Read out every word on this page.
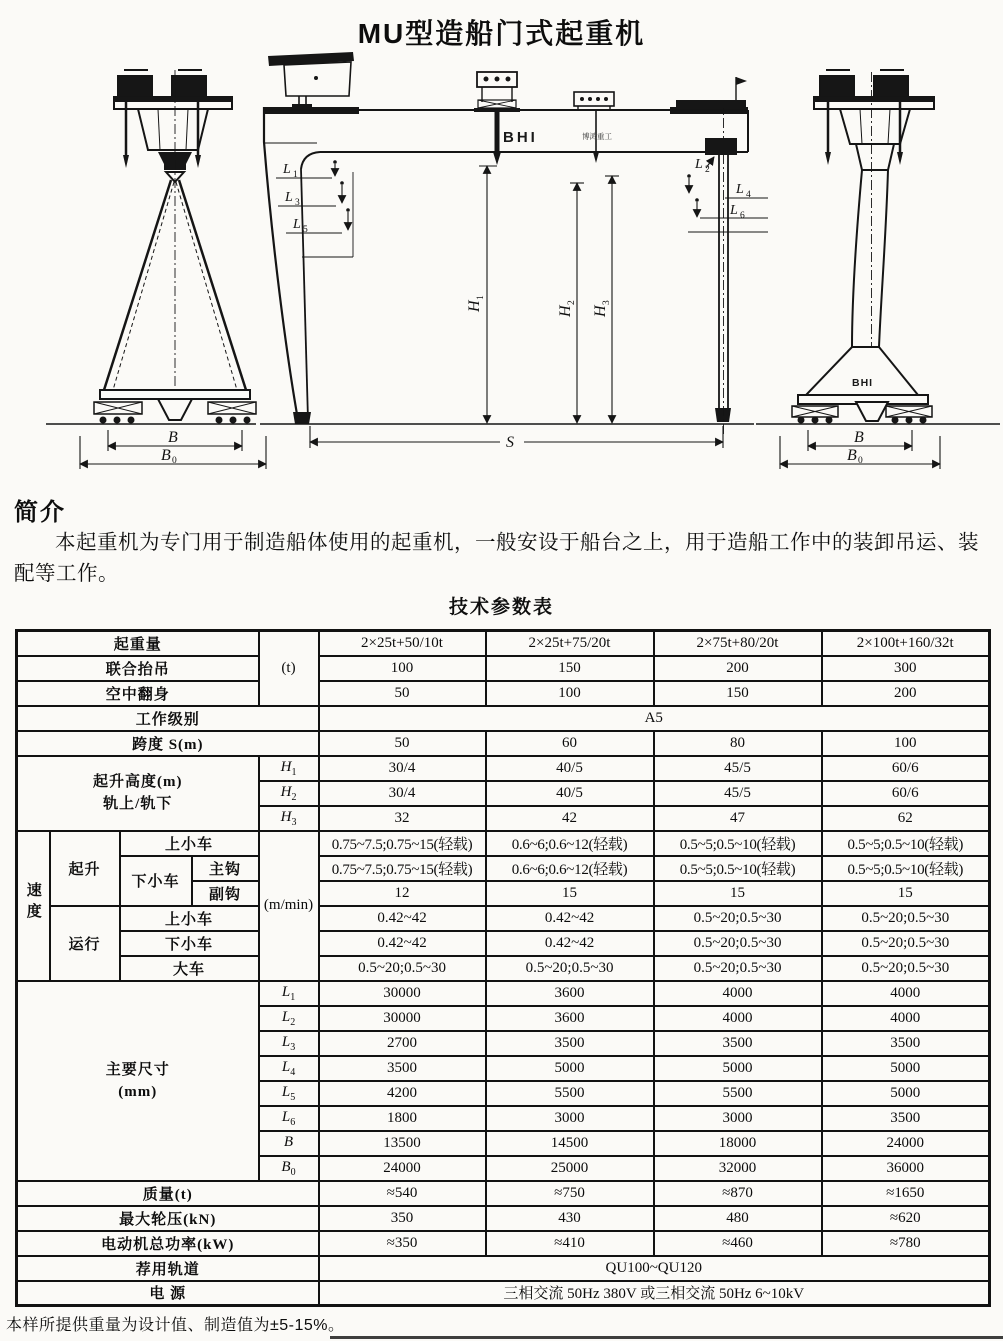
MU型造船门式起重机
B
B 0
H
1
H
2
H
3
S
L 1
L 3
L 5
L 2
L 4
L 6
BHI	博鸿重工
BHI
B
B 0
简介
本起重机为专门用于制造船体使用的起重机，一般安设于船台之上，用于造船工作中的装卸吊运、装配等工作。
技术参数表
起重量				(t)	2×25t+50/10t	2×25t+75/20t	2×75t+80/20t	2×100t+160/32t
联合抬吊					100	150	200	300
空中翻身					50	100	150	200
工作级别					A5			
跨度 S(m)					50	60	80	100

起升高度(m)
轨上/轨下				$H_1$	30/4	40/5	45/5	60/6
				$H_2$	30/4	40/5	45/5	60/6
				$H_3$	32	42	47	62
速度	起升	上小车		(m/min)	0.75~7.5;0.75~15(轻载)	0.6~6;0.6~12(轻载)	0.5~5;0.5~10(轻载)	0.5~5;0.5~10(轻载)
		下小车	主钩		0.75~7.5;0.75~15(轻载)	0.6~6;0.6~12(轻载)	0.5~5;0.5~10(轻载)	0.5~5;0.5~10(轻载)
			副钩		12	15	15	15
	运行	上小车			0.42~42	0.42~42	0.5~20;0.5~30	0.5~20;0.5~30
		下小车			0.42~42	0.42~42	0.5~20;0.5~30	0.5~20;0.5~30
		大车			0.5~20;0.5~30	0.5~20;0.5~30	0.5~20;0.5~30	0.5~20;0.5~30

主要尺寸
(mm)				$L_1$	30000	3600	4000	4000
				$L_2$	30000	3600	4000	4000
				$L_3$	2700	3500	3500	3500
				$L_4$	3500	5000	5000	5000
				$L_5$	4200	5500	5500	5000
				$L_6$	1800	3000	3000	3500
				B	13500	14500	18000	24000
				$B_0$	24000	25000	32000	36000
质量(t)					≈540	≈750	≈870	≈1650
最大轮压(kN)					350	430	480	≈620
电动机总功率(kW)					≈350	≈410	≈460	≈780
荐用轨道					QU100~QU120			
电 源					三相交流 50Hz 380V 或三相交流 50Hz 6~10kV			
本样所提供重量为设计值、制造值为±5-15%。
